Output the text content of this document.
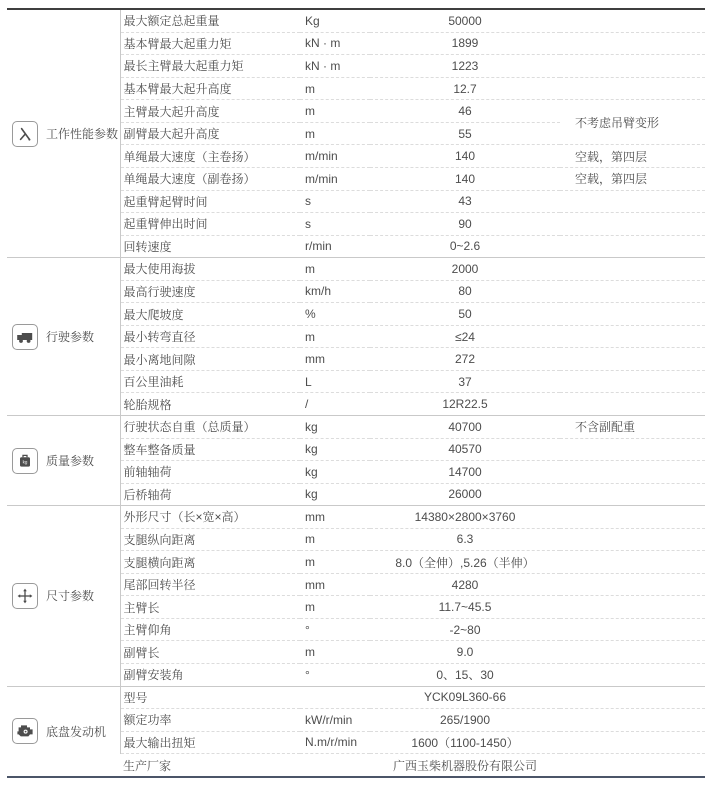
工作性能参数	最大额定总起重量	Kg	50000	
	基本臂最大起重力矩	kN · m	1899	
	最长主臂最大起重力矩	kN · m	1223	
	基本臂最大起升高度	m	12.7	
	主臂最大起升高度	m	46	不考虑吊臂变形
	副臂最大起升高度	m	55	
	单绳最大速度（主卷扬）	m/min	140	空载，第四层
	单绳最大速度（副卷扬）	m/min	140	空载，第四层
	起重臂起臂时间	s	43	
	起重臂伸出时间	s	90	
	回转速度	r/min	0~2.6	

行驶参数	最大使用海拔	m	2000	
	最高行驶速度	km/h	80	
	最大爬坡度	%	50	
	最小转弯直径	m	≤24	
	最小离地间隙	mm	272	
	百公里油耗	L	37	
	轮胎规格	/	12R22.5	

kg 质量参数	行驶状态自重（总质量）	kg	40700	不含副配重
	整车整备质量	kg	40570	
	前轴轴荷	kg	14700	
	后桥轴荷	kg	26000	

尺寸参数	外形尺寸（长×宽×高）	mm	14380×2800×3760	
	支腿纵向距离	m	6.3	
	支腿横向距离	m	8.0（全伸）,5.26（半伸）	
	尾部回转半径	mm	4280	
	主臂长	m	11.7~45.5	
	主臂仰角	°	-2~80	
	副臂长	m	9.0	
	副臂安装角	°	0、15、30	

底盘发动机	型号		YCK09L360-66	
	额定功率	kW/r/min	265/1900	
	最大输出扭矩	N.m/r/min	1600（1100-1450）	
	生产厂家		广西玉柴机器股份有限公司	
